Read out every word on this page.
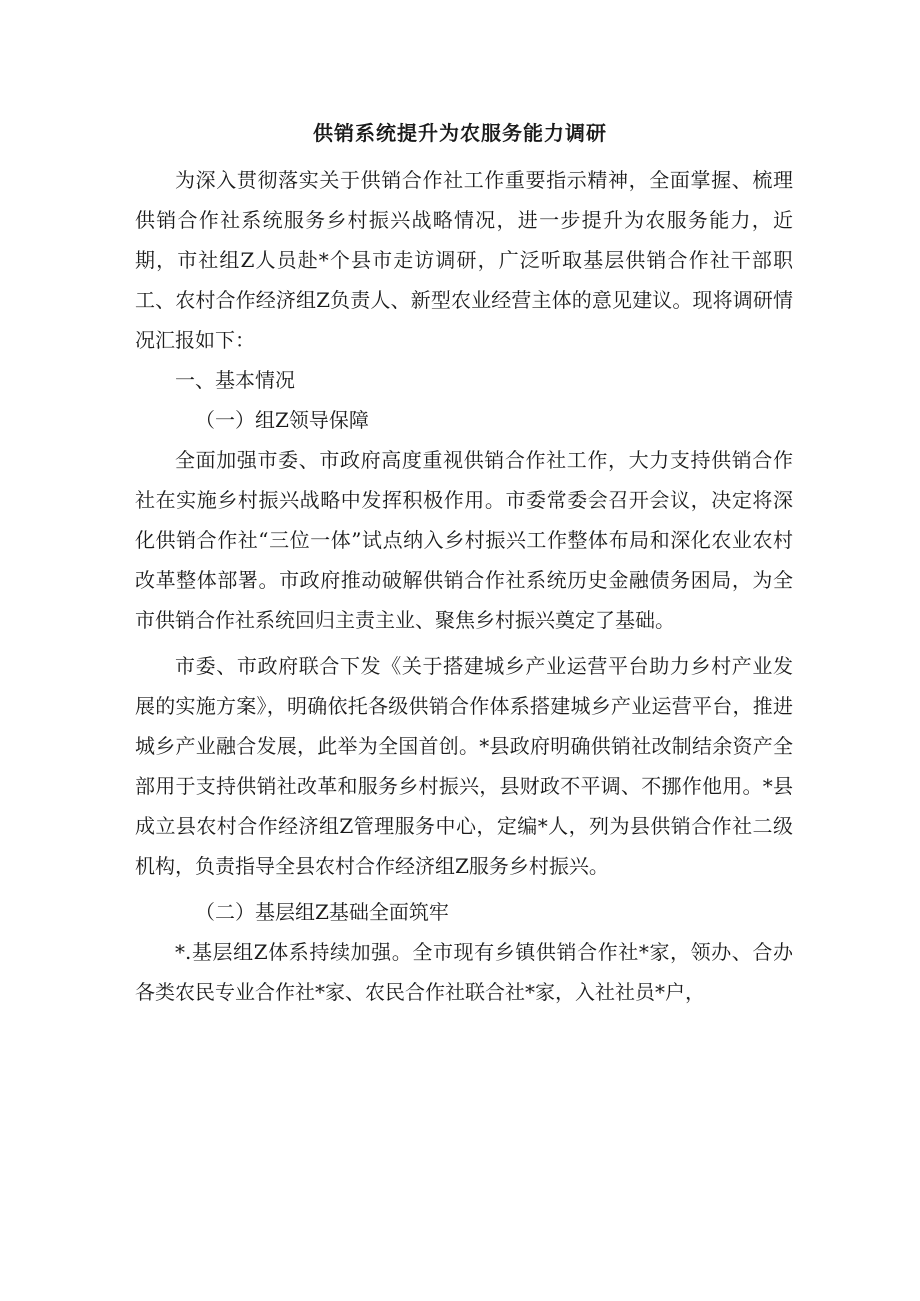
供销系统提升为农服务能力调研

为深入贯彻落实关于供销合作社工作重要指示精神，全面掌握、梳理供销合作社系统服务乡村振兴战略情况，进一步提升为农服务能力，近期，市社组Z人员赴*个县市走访调研，广泛听取基层供销合作社干部职工、农村合作经济组Z负责人、新型农业经营主体的意见建议。现将调研情况汇报如下：

一、基本情况

（一）组Z领导保障

全面加强市委、市政府高度重视供销合作社工作，大力支持供销合作社在实施乡村振兴战略中发挥积极作用。市委常委会召开会议，决定将深化供销合作社“三位一体”试点纳入乡村振兴工作整体布局和深化农业农村改革整体部署。市政府推动破解供销合作社系统历史金融债务困局，为全市供销合作社系统回归主责主业、聚焦乡村振兴奠定了基础。

市委、市政府联合下发《关于搭建城乡产业运营平台助力乡村产业发展的实施方案》，明确依托各级供销合作体系搭建城乡产业运营平台，推进城乡产业融合发展，此举为全国首创。*县政府明确供销社改制结余资产全部用于支持供销社改革和服务乡村振兴，县财政不平调、不挪作他用。*县成立县农村合作经济组Z管理服务中心，定编*人，列为县供销合作社二级机构，负责指导全县农村合作经济组Z服务乡村振兴。

（二）基层组Z基础全面筑牢

*.基层组Z体系持续加强。全市现有乡镇供销合作社*家，领办、合办各类农民专业合作社*家、农民合作社联合社*家，入社社员*户，
